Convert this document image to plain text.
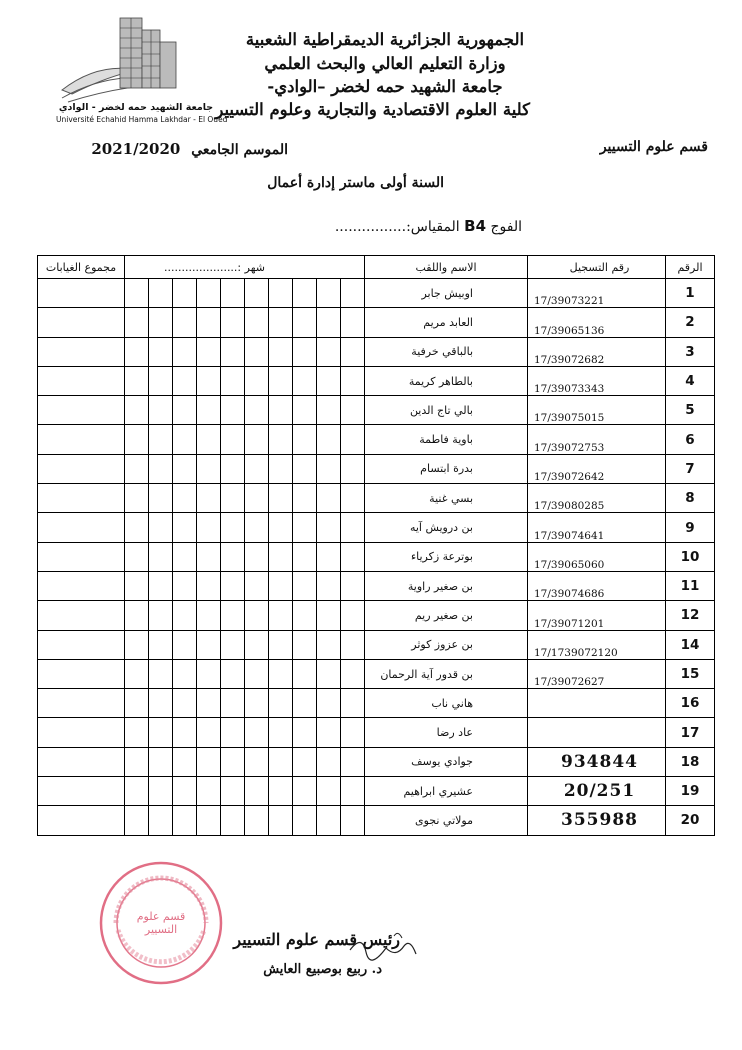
جامعة الشهيد حمه لخضر - الوادي
Université Echahid Hamma Lakhdar - El Oued
الجمهورية الجزائرية الديمقراطية الشعبية
وزارة التعليم العالي والبحث العلمي
جامعة الشهيد حمه لخضر –الوادي-
كلية العلوم الاقتصادية والتجارية وعلوم التسيير
قسم علوم التسيير
الموسم الجامعي 2021/2020
السنة أولى ماستر إدارة أعمال
الفوج B4 المقياس:................
الرقم	رقم التسجيل	الاسم واللقب	شهر :.....................										مجموع الغيابات
1	17/39073221	اوبيش جابر											
2	17/39065136	العابد مريم											
3	17/39072682	بالباقي خرفية											
4	17/39073343	بالطاهر كريمة											
5	17/39075015	بالي تاج الدين											
6	17/39072753	باوية فاطمة											
7	17/39072642	بدرة ابتسام											
8	17/39080285	بسي غنية											
9	17/39074641	بن درويش آيه											
10	17/39065060	بوترعة زكرياء											
11	17/39074686	بن صغير راوية											
12	17/39071201	بن صغير ريم											
14	17/1739072120	بن عزوز كوثر											
15	17/39072627	بن قدور آية الرحمان											
16		هاني ناب											
17		عاد رضا											
18	934844	جوادي يوسف											
19	20/251	عشيري ابراهيم											
20	355988	مولاتي نجوى											
قسم علوم التسيير
رئيس قسم علوم التسيير
د. ربيع بوصبيع العايش
